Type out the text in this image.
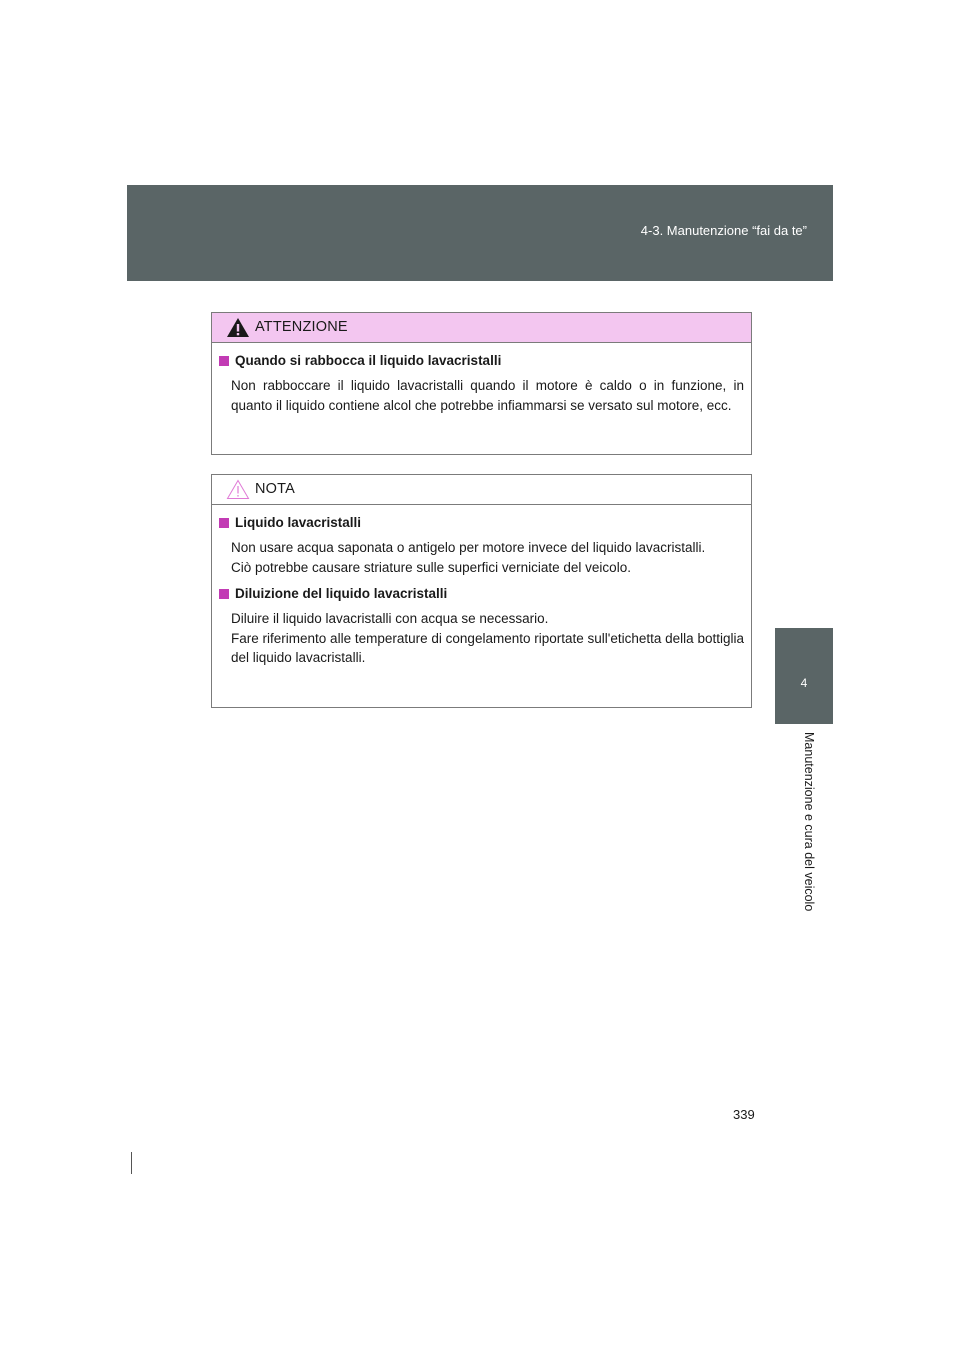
4-3. Manutenzione “fai da te”
4
Manutenzione e cura del veicolo
ATTENZIONE
Quando si rabbocca il liquido lavacristalli

Non rabboccare il liquido lavacristalli quando il motore è caldo o in funzione, in quanto il liquido contiene alcol che potrebbe infiammarsi se versato sul motore, ecc.

NOTA
Liquido lavacristalli

Non usare acqua saponata o antigelo per motore invece del liquido lavacristalli.

Ciò potrebbe causare striature sulle superfici verniciate del veicolo.

Diluizione del liquido lavacristalli

Diluire il liquido lavacristalli con acqua se necessario.

Fare riferimento alle temperature di congelamento riportate sull'etichetta della bottiglia del liquido lavacristalli.

339
